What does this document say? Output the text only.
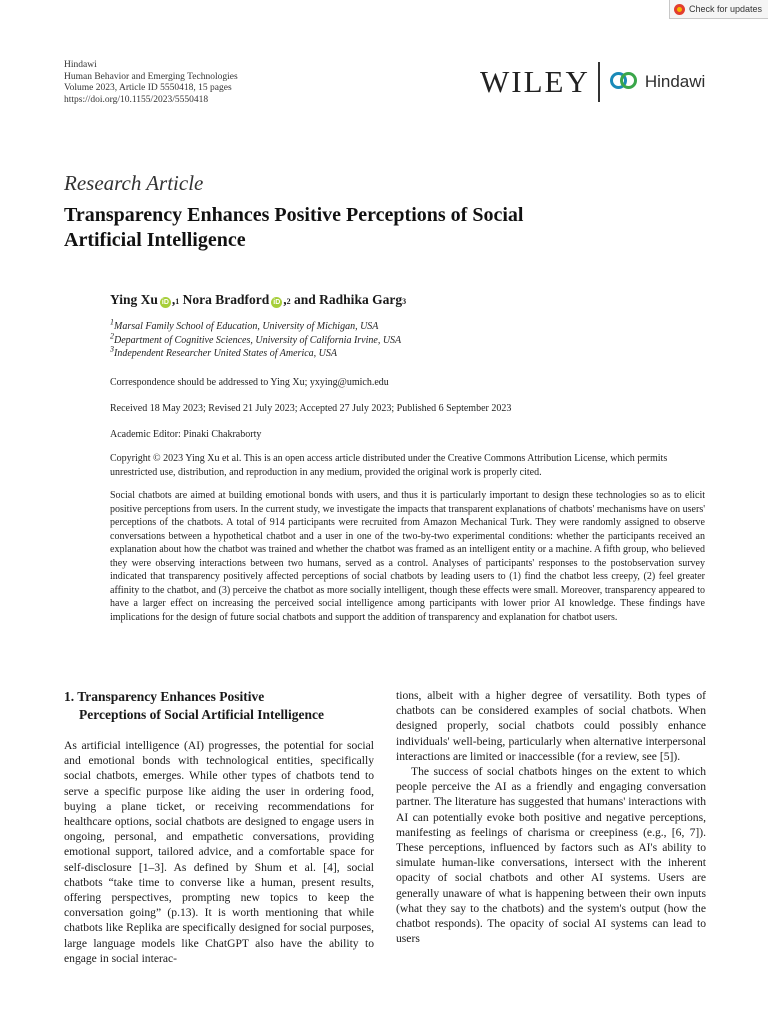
Check for updates
Hindawi
Human Behavior and Emerging Technologies
Volume 2023, Article ID 5550418, 15 pages
https://doi.org/10.1155/2023/5550418
WILEY	Hindawi
Research Article
Transparency Enhances Positive Perceptions of Social
Artificial Intelligence
Ying Xu iD , 1
Nora Bradford iD , 2 and Radhika Garg 3
$^1$Marsal Family School of Education, University of Michigan, USA
$^2$Department of Cognitive Sciences, University of California Irvine, USA
$^3$Independent Researcher United States of America, USA
Correspondence should be addressed to Ying Xu; yxying@umich.edu
Received 18 May 2023; Revised 21 July 2023; Accepted 27 July 2023; Published 6 September 2023
Academic Editor: Pinaki Chakraborty
Copyright © 2023 Ying Xu et al. This is an open access article distributed under the Creative Commons Attribution License, which permits unrestricted use, distribution, and reproduction in any medium, provided the original work is properly cited.
Social chatbots are aimed at building emotional bonds with users, and thus it is particularly important to design these technologies so as to elicit positive perceptions from users. In the current study, we investigate the impacts that transparent explanations of chatbots' mechanisms have on users' perceptions of the chatbots. A total of 914 participants were recruited from Amazon Mechanical Turk. They were randomly assigned to observe conversations between a hypothetical chatbot and a user in one of the two-by-two experimental conditions: whether the participants received an explanation about how the chatbot was trained and whether the chatbot was framed as an intelligent entity or a machine. A fifth group, who believed they were observing interactions between two humans, served as a control. Analyses of participants' responses to the postobservation survey indicated that transparency positively affected perceptions of social chatbots by leading users to (1) find the chatbot less creepy, (2) feel greater affinity to the chatbot, and (3) perceive the chatbot as more socially intelligent, though these effects were small. Moreover, transparency appeared to have a larger effect on increasing the perceived social intelligence among participants with lower prior AI knowledge. These findings have implications for the design of future social chatbots and support the addition of transparency and explanation for chatbot users.
1. Transparency Enhances Positive
Perceptions of Social Artificial Intelligence

As artificial intelligence (AI) progresses, the potential for social and emotional bonds with technological entities, specifically social chatbots, emerges. While other types of chatbots tend to serve a specific purpose like aiding the user in ordering food, buying a plane ticket, or receiving recommendations for healthcare options, social chatbots are designed to engage users in ongoing, personal, and empathetic conversations, providing emotional support, tailored advice, and a comfortable space for self-disclosure [1–3]. As defined by Shum et al. [4], social chatbots “take time to converse like a human, present results, offering perspectives, prompting new topics to keep the conversation going” (p.13). It is worth mentioning that while chatbots like Replika are specifically designed for social purposes, large language models like ChatGPT also have the ability to engage in social interac-

tions, albeit with a higher degree of versatility. Both types of chatbots can be considered examples of social chatbots. When designed properly, social chatbots could possibly enhance individuals' well-being, particularly when alternative interpersonal interactions are limited or inaccessible (for a review, see [5]).

The success of social chatbots hinges on the extent to which people perceive the AI as a friendly and engaging conversation partner. The literature has suggested that humans' interactions with AI can potentially evoke both positive and negative perceptions, manifesting as feelings of charisma or creepiness (e.g., [6, 7]). These perceptions, influenced by factors such as AI's ability to simulate human-like conversations, intersect with the inherent opacity of social chatbots and other AI systems. Users are generally unaware of what is happening between their own inputs (what they say to the chatbots) and the system's output (how the chatbot responds). The opacity of social AI systems can lead to users
